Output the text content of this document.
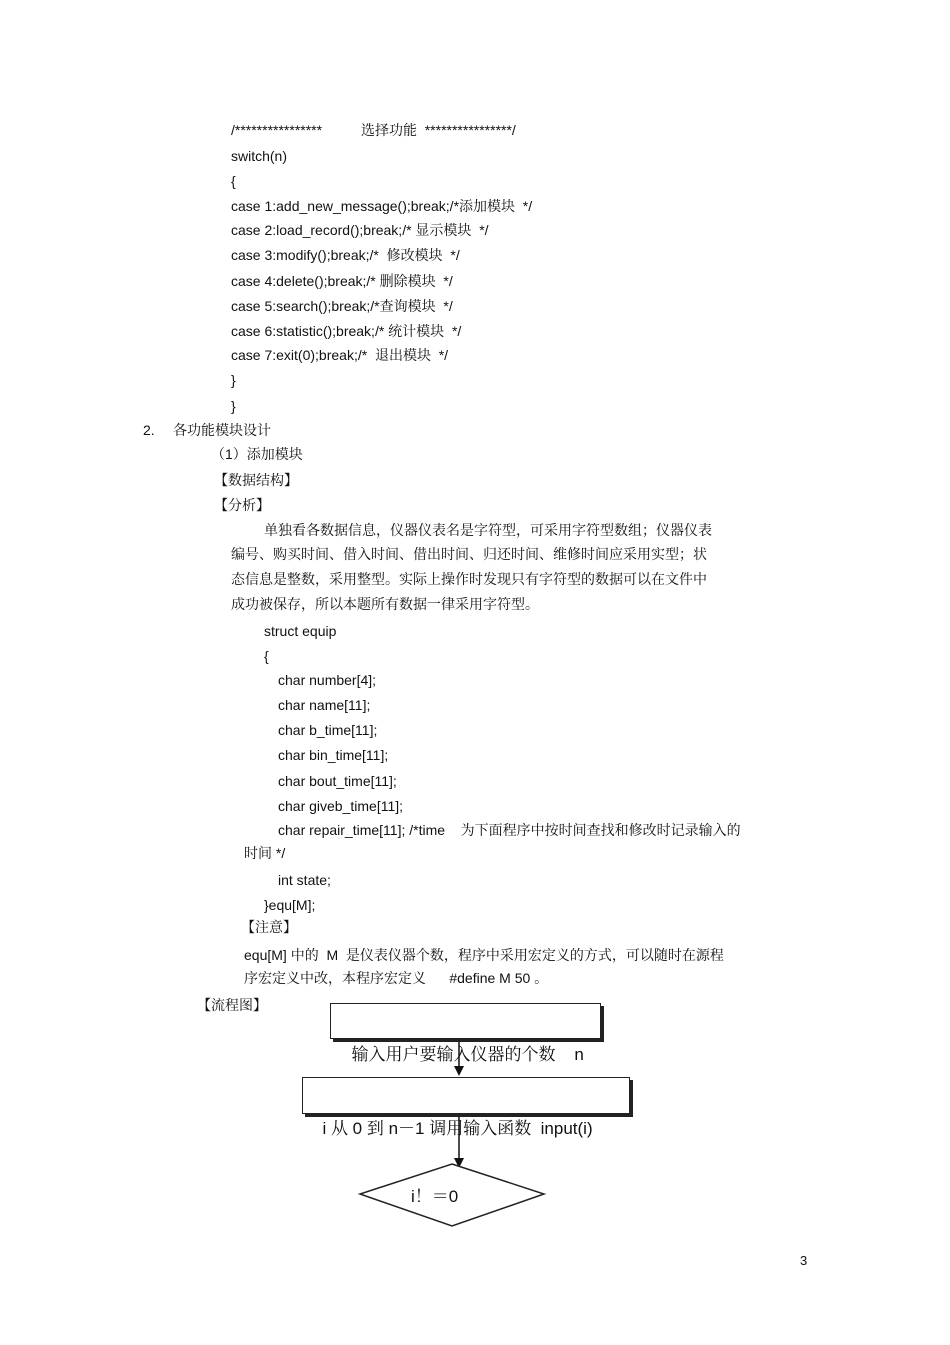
/****************          选择功能  ****************/
switch(n)
{
case 1:add_new_message();break;/*添加模块  */
case 2:load_record();break;/* 显示模块  */
case 3:modify();break;/*  修改模块  */
case 4:delete();break;/* 删除模块  */
case 5:search();break;/*查询模块  */
case 6:statistic();break;/* 统计模块  */
case 7:exit(0);break;/*  退出模块  */
}
}
2. 各功能模块设计
（1）添加模块
【数据结构】
【分析】
单独看各数据信息，仪器仪表名是字符型，可采用字符型数组；仪器仪表
编号、购买时间、借入时间、借出时间、归还时间、维修时间应采用实型；状
态信息是整数，采用整型。实际上操作时发现只有字符型的数据可以在文件中
成功被保存，所以本题所有数据一律采用字符型。
struct equip
{
char number[4];
char name[11];
char b_time[11];
char bin_time[11];
char bout_time[11];
char giveb_time[11];
char repair_time[11]; /*time    为下面程序中按时间查找和修改时记录输入的
时间 */
int state;
}equ[M];
【注意】
equ[M] 中的  M  是仪表仪器个数，程序中采用宏定义的方式，可以随时在源程
序宏定义中改，本程序宏定义      #define M 50 。
【流程图】

输入用户要输入仪器的个数    n

i 从 0 到 n－1 调用输入函数  input(i)

i！＝0
3
